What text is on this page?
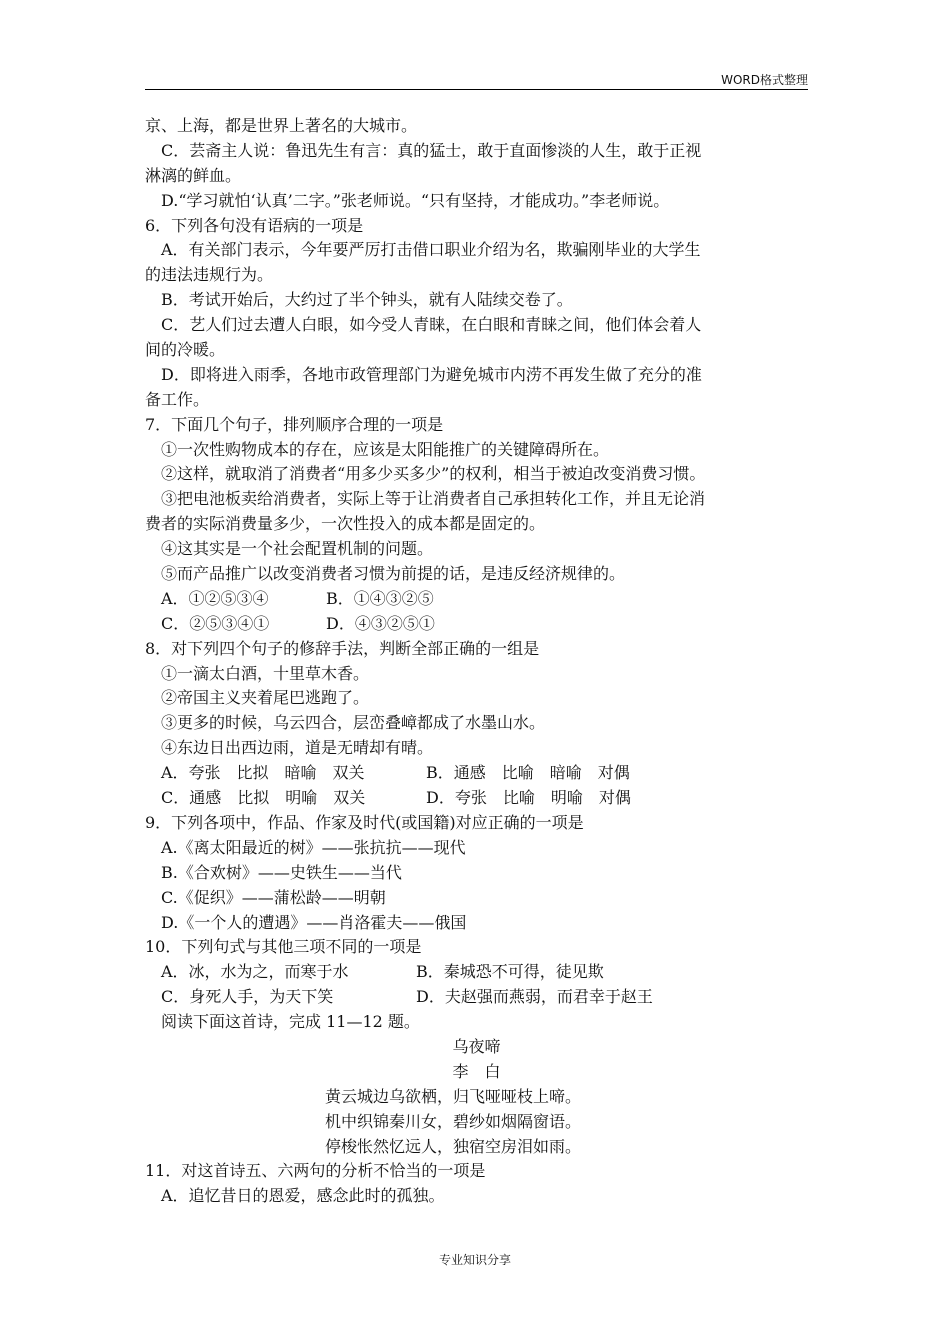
WORD格式整理
京、上海，都是世界上著名的大城市。
C．芸斋主人说：鲁迅先生有言：真的猛士，敢于直面惨淡的人生，敢于正视
淋漓的鲜血。
D.“学习就怕‘认真’二字。”张老师说。“只有坚持，才能成功。”李老师说。
6．下列各句没有语病的一项是
A．有关部门表示，今年要严厉打击借口职业介绍为名，欺骗刚毕业的大学生
的违法违规行为。
B．考试开始后，大约过了半个钟头，就有人陆续交卷了。
C．艺人们过去遭人白眼，如今受人青睐，在白眼和青睐之间，他们体会着人
间的冷暖。
D．即将进入雨季，各地市政管理部门为避免城市内涝不再发生做了充分的准
备工作。
7．下面几个句子，排列顺序合理的一项是
①一次性购物成本的存在，应该是太阳能推广的关键障碍所在。
②这样，就取消了消费者“用多少买多少”的权利，相当于被迫改变消费习惯。
③把电池板卖给消费者，实际上等于让消费者自己承担转化工作，并且无论消
费者的实际消费量多少，一次性投入的成本都是固定的。
④这其实是一个社会配置机制的问题。
⑤而产品推广以改变消费者习惯为前提的话，是违反经济规律的。
A．①②⑤③④	B．①④③②⑤
C．②⑤③④①	D．④③②⑤①
8．对下列四个句子的修辞手法，判断全部正确的一组是
①一滴太白酒，十里草木香。
②帝国主义夹着尾巴逃跑了。
③更多的时候，乌云四合，层峦叠嶂都成了水墨山水。
④东边日出西边雨，道是无晴却有晴。
A．夸张　比拟　暗喻　双关	B．通感　比喻　暗喻　对偶
C．通感　比拟　明喻　双关	D．夸张　比喻　明喻　对偶
9．下列各项中，作品、作家及时代(或国籍)对应正确的一项是
A.《离太阳最近的树》——张抗抗——现代
B.《合欢树》——史铁生——当代
C.《促织》——蒲松龄——明朝
D.《一个人的遭遇》——肖洛霍夫——俄国
10．下列句式与其他三项不同的一项是
A．冰，水为之，而寒于水	B．秦城恐不可得，徒见欺
C．身死人手，为天下笑	D．夫赵强而燕弱，而君幸于赵王
阅读下面这首诗，完成 11—12 题。
乌夜啼
李　白
黄云城边乌欲栖，归飞哑哑枝上啼。
机中织锦秦川女，碧纱如烟隔窗语。
停梭怅然忆远人，独宿空房泪如雨。
11．对这首诗五、六两句的分析不恰当的一项是
A．追忆昔日的恩爱，感念此时的孤独。
专业知识分享
